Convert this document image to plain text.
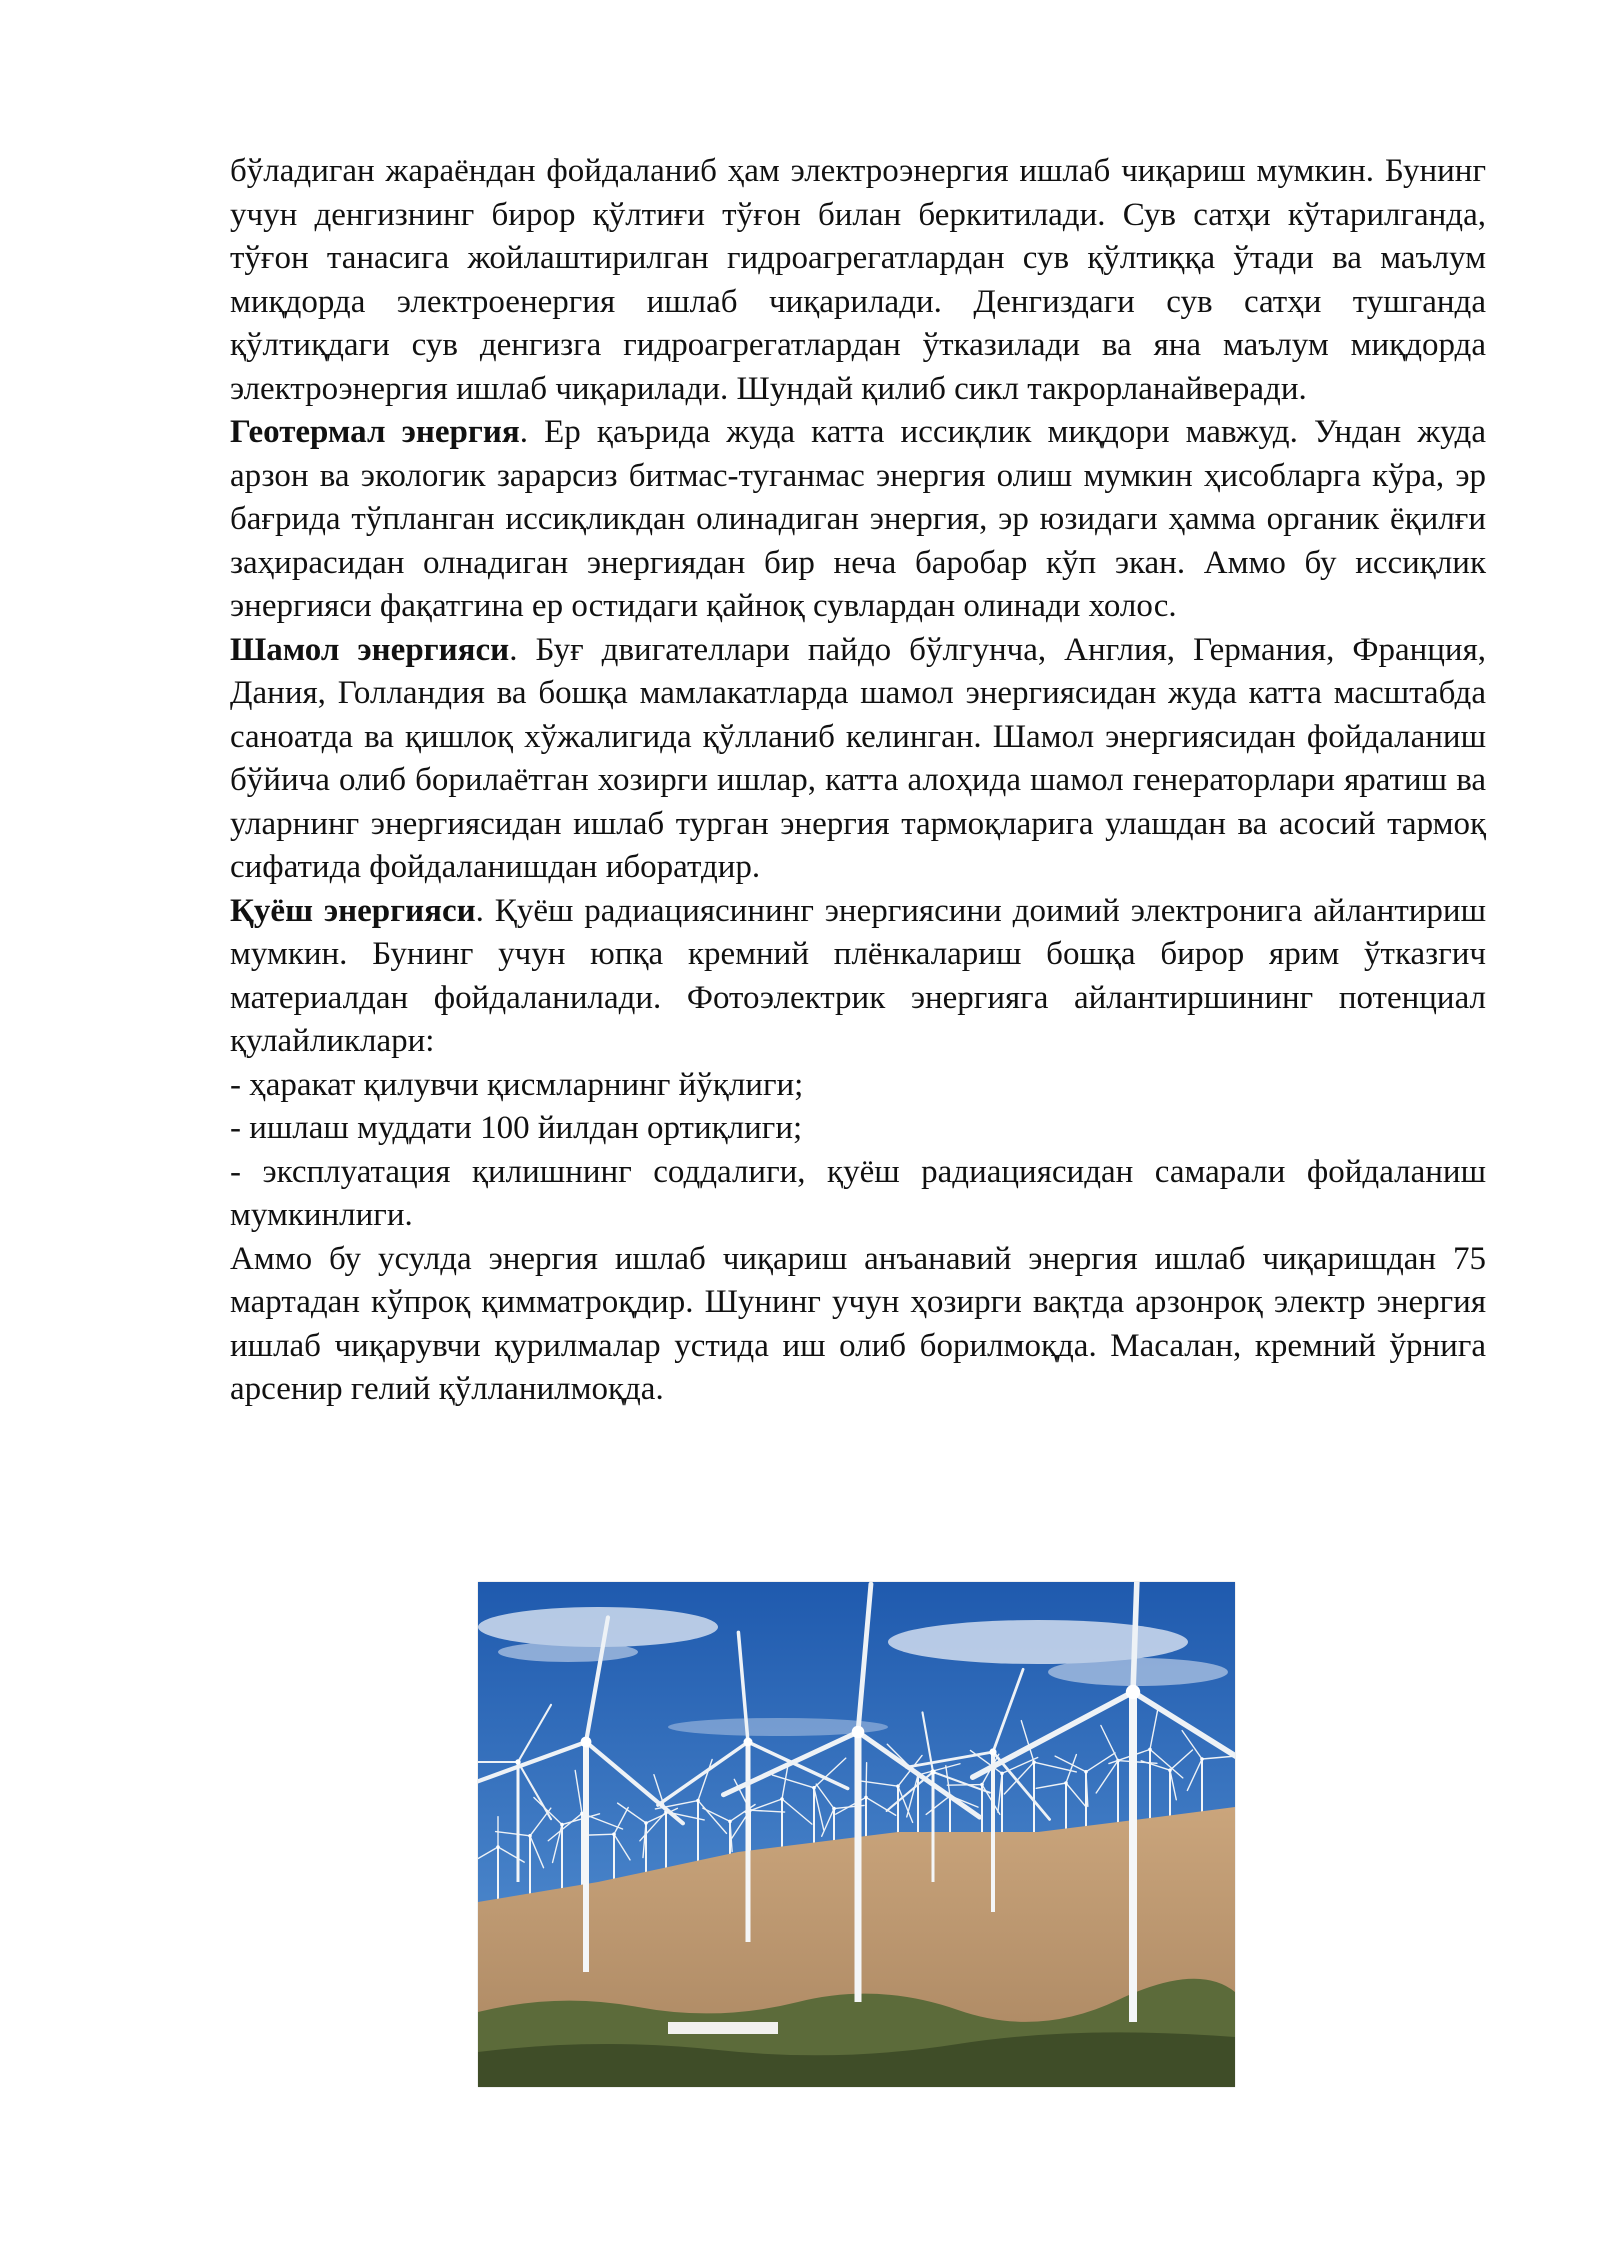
бўладиган жараёндан фойдаланиб ҳам электроэнергия ишлаб чиқариш мумкин. Бунинг учун денгизнинг бирор қўлтиғи тўғон билан беркитилади. Сув сатҳи кўтарилганда, тўғон танасига жойлаштирилган гидроагрегатлардан сув қўлтиққа ўтади ва маълум миқдорда электроенергия ишлаб чиқарилади. Денгиздаги сув сатҳи тушганда қўлтиқдаги сув денгизга гидроагрегатлардан ўтказилади ва яна маълум миқдорда электроэнергия ишлаб чиқарилади. Шундай қилиб сикл такрорланайверади.

Геотермал энергия. Ер қаърида жуда катта иссиқлик миқдори мавжуд. Ундан жуда арзон ва экологик зарарсиз битмас-туганмас энергия олиш мумкин ҳисобларга кўра, эр бағрида тўпланган иссиқликдан олинадиган энергия, эр юзидаги ҳамма органик ёқилғи заҳирасидан олнадиган энергиядан бир неча баробар кўп экан. Аммо бу иссиқлик энергияси фақатгина ер остидаги қайноқ сувлардан олинади холос.

Шамол энергияси. Буғ двигателлари пайдо бўлгунча, Англия, Германия, Франция, Дания, Голландия ва бошқа мамлакатларда шамол энергиясидан жуда катта масштабда саноатда ва қишлоқ хўжалигида қўлланиб келинган. Шамол энергиясидан фойдаланиш бўйича олиб борилаётган хозирги ишлар, катта алоҳида шамол генераторлари яратиш ва уларнинг энергиясидан ишлаб турган энергия тармоқларига улашдан ва асосий тармоқ сифатида фойдаланишдан иборатдир.

Қуёш энергияси. Қуёш радиациясининг энергиясини доимий электронига айлантириш мумкин. Бунинг учун юпқа кремний плёнкалариш бошқа бирор ярим ўтказгич материалдан фойдаланилади. Фотоэлектрик энергияга айлантиршининг потенциал қулайликлари:

- ҳаракат қилувчи қисмларнинг йўқлиги;

- ишлаш муддати 100 йилдан ортиқлиги;

- эксплуатация қилишнинг соддалиги, қуёш радиациясидан самарали фойдаланиш мумкинлиги.

Аммо бу усулда энергия ишлаб чиқариш анъанавий энергия ишлаб чиқаришдан 75 мартадан кўпроқ қимматроқдир. Шунинг учун ҳозирги вақтда арзонроқ электр энергия ишлаб чиқарувчи қурилмалар устида иш олиб борилмоқда. Масалан, кремний ўрнига арсенир гелий қўлланилмоқда.
